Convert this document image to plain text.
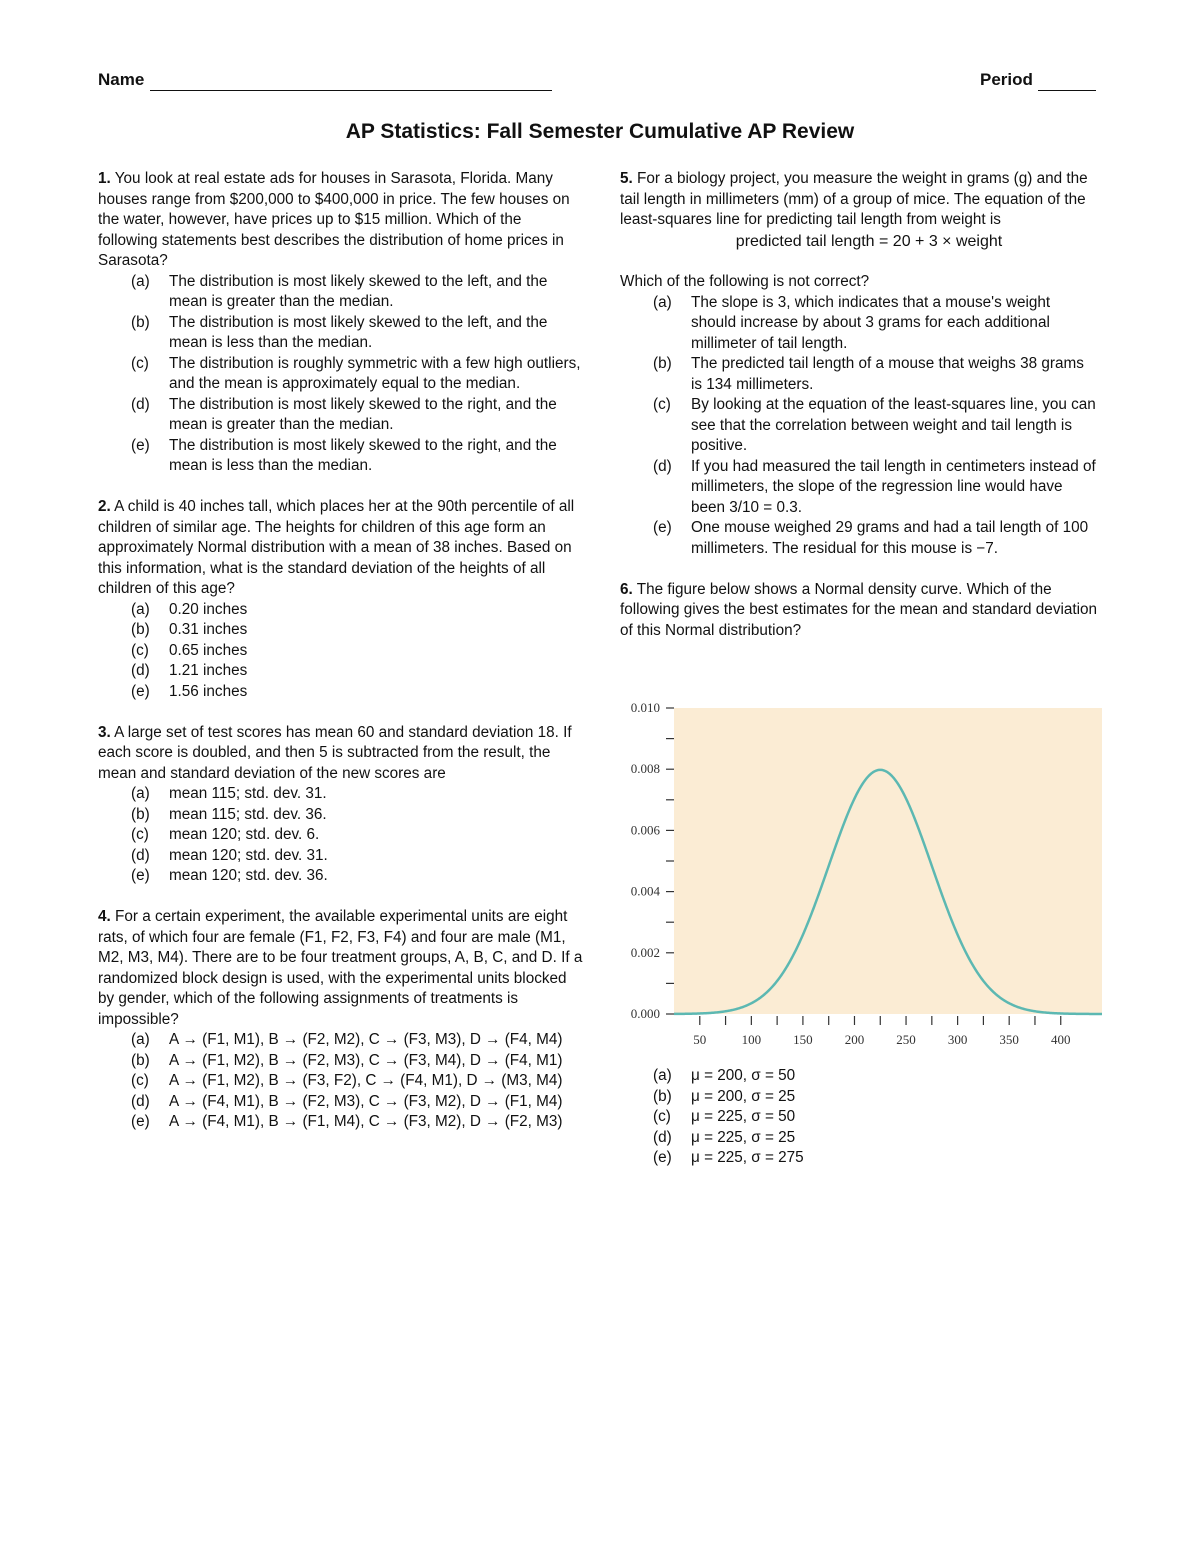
Name	Period
AP Statistics: Fall Semester Cumulative AP Review

1. You look at real estate ads for houses in Sarasota, Florida. Many houses range from $200,000 to $400,000 in price. The few houses on the water, however, have prices up to $15 million. Which of the following statements best describes the distribution of home prices in Sarasota?

(a) The distribution is most likely skewed to the left, and the mean is greater than the median.
(b) The distribution is most likely skewed to the left, and the mean is less than the median.
(c) The distribution is roughly symmetric with a few high outliers, and the mean is approximately equal to the median.
(d) The distribution is most likely skewed to the right, and the mean is greater than the median.
(e) The distribution is most likely skewed to the right, and the mean is less than the median.

2. A child is 40 inches tall, which places her at the 90th percentile of all children of similar age. The heights for children of this age form an approximately Normal distribution with a mean of 38 inches. Based on this information, what is the standard deviation of the heights of all children of this age?

(a) 0.20 inches
(b) 0.31 inches
(c) 0.65 inches
(d) 1.21 inches
(e) 1.56 inches

3. A large set of test scores has mean 60 and standard deviation 18. If each score is doubled, and then 5 is subtracted from the result, the mean and standard deviation of the new scores are

(a) mean 115; std. dev. 31.
(b) mean 115; std. dev. 36.
(c) mean 120; std. dev. 6.
(d) mean 120; std. dev. 31.
(e) mean 120; std. dev. 36.

4. For a certain experiment, the available experimental units are eight rats, of which four are female (F1, F2, F3, F4) and four are male (M1, M2, M3, M4). There are to be four treatment groups, A, B, C, and D. If a randomized block design is used, with the experimental units blocked by gender, which of the following assignments of treatments is impossible?

(a) A → (F1, M1), B → (F2, M2), C → (F3, M3), D → (F4, M4)
(b) A → (F1, M2), B → (F2, M3), C → (F3, M4), D → (F4, M1)
(c) A → (F1, M2), B → (F3, F2), C → (F4, M1), D → (M3, M4)
(d) A → (F4, M1), B → (F2, M3), C → (F3, M2), D → (F1, M4)
(e) A → (F4, M1), B → (F1, M4), C → (F3, M2), D → (F2, M3)

5. For a biology project, you measure the weight in grams (g) and the tail length in millimeters (mm) of a group of mice. The equation of the least-squares line for predicting tail length from weight is

predicted tail length = 20 + 3 × weight

Which of the following is not correct?

(a) The slope is 3, which indicates that a mouse's weight should increase by about 3 grams for each additional millimeter of tail length.
(b) The predicted tail length of a mouse that weighs 38 grams is 134 millimeters.
(c) By looking at the equation of the least-squares line, you can see that the correlation between weight and tail length is positive.
(d) If you had measured the tail length in centimeters instead of millimeters, the slope of the regression line would have been 3/10 = 0.3.
(e) One mouse weighed 29 grams and had a tail length of 100 millimeters. The residual for this mouse is −7.

6. The figure below shows a Normal density curve. Which of the following gives the best estimates for the mean and standard deviation of this Normal distribution?

0.000
0.002
0.004
0.006
0.008
0.010
50	100 150 200 250 300 350 400
(a) μ = 200, σ = 50
(b) μ = 200, σ = 25
(c) μ = 225, σ = 50
(d) μ = 225, σ = 25
(e) μ = 225, σ = 275
